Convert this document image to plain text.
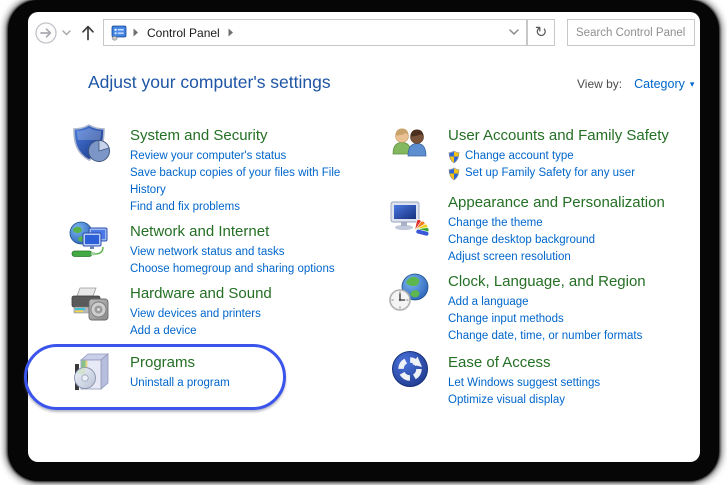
Control Panel	↻
Search Control Panel
Adjust your computer's settings	View by: Category ▾
System and Security
Review your computer's status
Save backup copies of your files with File History
Find and fix problems
Network and Internet
View network status and tasks
Choose homegroup and sharing options
Hardware and Sound
View devices and printers
Add a device
Programs
Uninstall a program
User Accounts and Family Safety
Change account type
Set up Family Safety for any user
Appearance and Personalization
Change the theme
Change desktop background
Adjust screen resolution
Clock, Language, and Region
Add a language
Change input methods
Change date, time, or number formats
Ease of Access
Let Windows suggest settings
Optimize visual display
